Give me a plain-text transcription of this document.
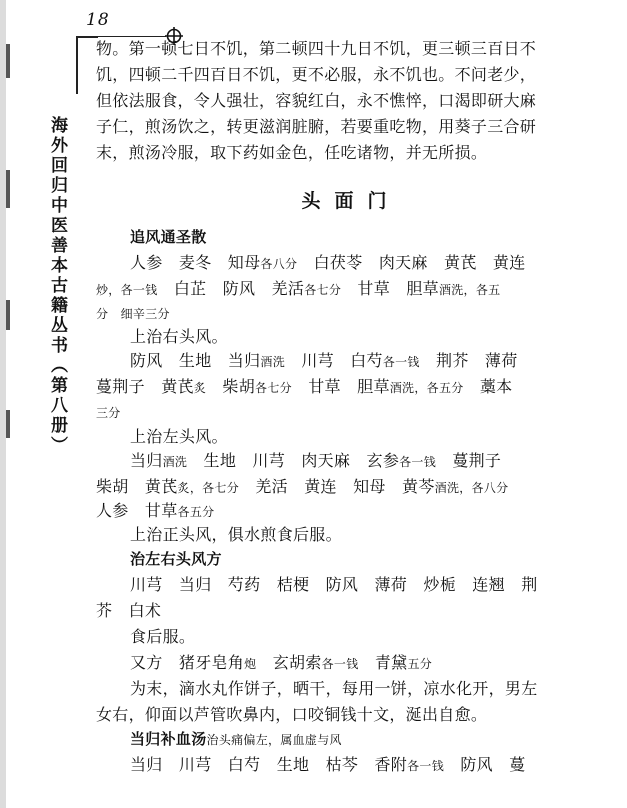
18
海外回归中医善本古籍丛书（第八册）
物。第一顿七日不饥，第二顿四十九日不饥，更三顿三百日不
饥，四顿二千四百日不饥，更不必服，永不饥也。不问老少，
但依法服食，令人强壮，容貌红白，永不憔悴，口渴即研大麻
子仁，煎汤饮之，转更滋润脏腑，若要重吃物，用葵子三合研
末，煎汤冷服，取下药如金色，任吃诸物，并无所损。
头面门
追风通圣散
人参　麦冬　知母各八分　白茯苓　肉天麻　黄芪　黄连
炒，各一钱　白芷　防风　羌活各七分　甘草　胆草酒洗，各五
分　细辛三分
上治右头风。
防风　生地　当归酒洗　川芎　白芍各一钱　荆芥　薄荷
蔓荆子　黄芪炙　柴胡各七分　甘草　胆草酒洗，各五分　藁本
三分
上治左头风。
当归酒洗　生地　川芎　肉天麻　玄参各一钱　蔓荆子
柴胡　黄芪炙，各七分　羌活　黄连　知母　黄芩酒洗，各八分
人参　甘草各五分
上治正头风，俱水煎食后服。
治左右头风方
川芎　当归　芍药　桔梗　防风　薄荷　炒栀　连翘　荆
芥　白术
食后服。
又方　猪牙皂角炮　玄胡索各一钱　青黛五分
为末，滴水丸作饼子，晒干，每用一饼，凉水化开，男左
女右，仰面以芦管吹鼻内，口咬铜钱十文，涎出自愈。
当归补血汤治头痛偏左，属血虚与风
当归　川芎　白芍　生地　枯芩　香附各一钱　防风　蔓
